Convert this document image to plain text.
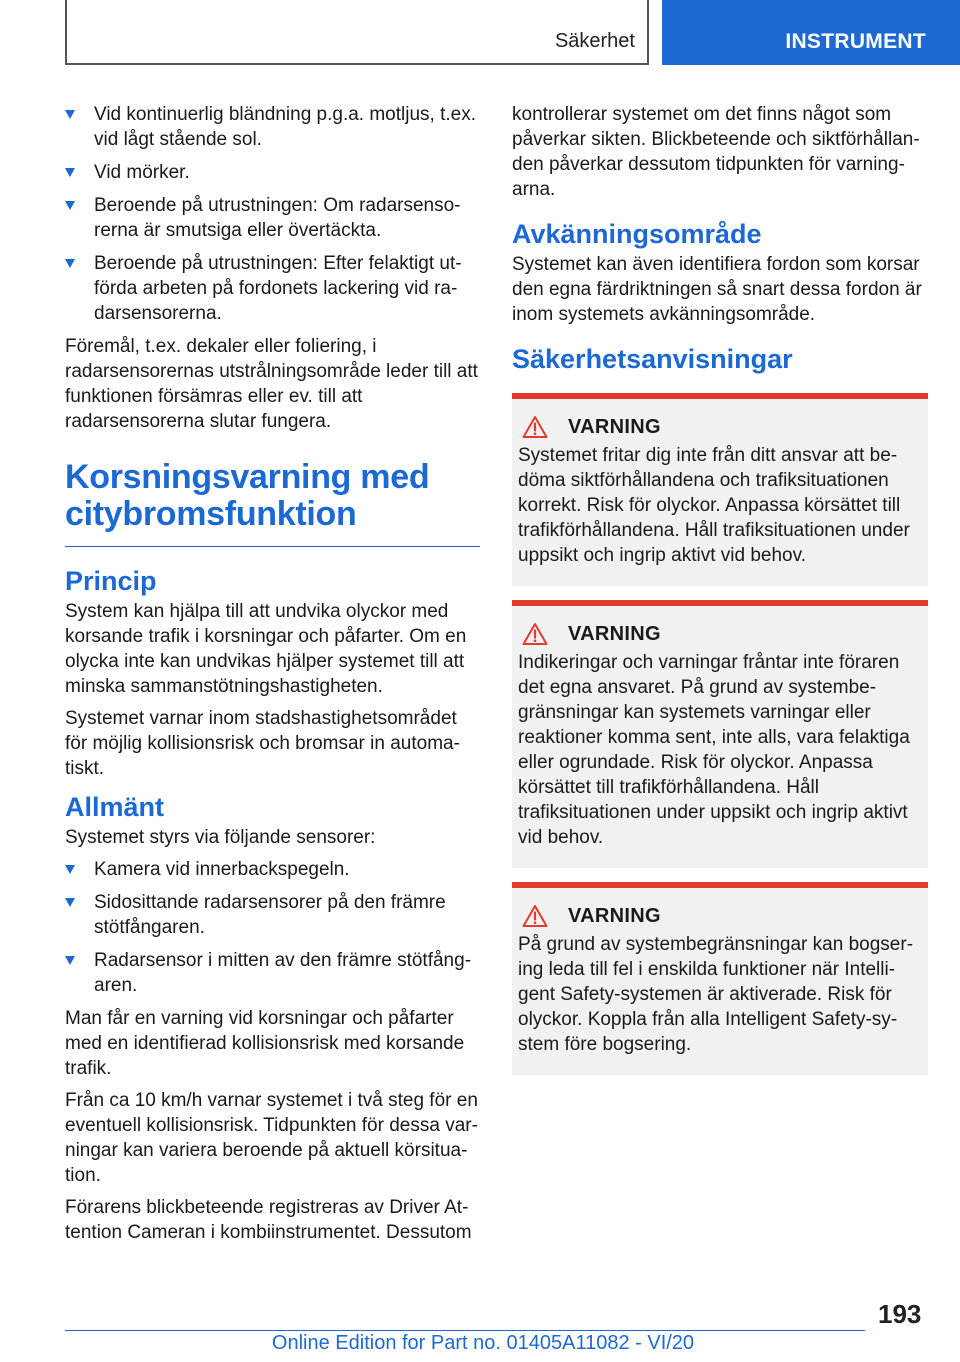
Säkerhet	INSTRUMENT
Vid kontinuerlig bländning p.g.a. motljus, t.ex. vid lågt stående sol.
Vid mörker.
Beroende på utrustningen: Om radarsensorerna är smutsiga eller övertäckta.
Beroende på utrustningen: Efter felaktigt utförda arbeten på fordonets lackering vid radarsensorerna.

Föremål, t.ex. dekaler eller foliering, i radarsensorernas utstrålningsområde leder till att funktionen försämras eller ev. till att radarsensorerna slutar fungera.

Korsningsvarning med citybromsfunktion
Princip

System kan hjälpa till att undvika olyckor med korsande trafik i korsningar och påfarter. Om en olycka inte kan undvikas hjälper systemet till att minska sammanstötningshastigheten.

Systemet varnar inom stadshastighetsområdet för möjlig kollisionsrisk och bromsar in automatiskt.

Allmänt

Systemet styrs via följande sensorer:

Kamera vid innerbackspegeln.
Sidosittande radarsensorer på den främre stötfångaren.
Radarsensor i mitten av den främre stötfångaren.

Man får en varning vid korsningar och påfarter med en identifierad kollisionsrisk med korsande trafik.

Från ca 10 km/h varnar systemet i två steg för en eventuell kollisionsrisk. Tidpunkten för dessa varningar kan variera beroende på aktuell körsituation.

Förarens blickbeteende registreras av Driver Attention Cameran i kombiinstrumentet. Dessutom

kontrollerar systemet om det finns något som påverkar sikten. Blickbeteende och siktförhållanden påverkar dessutom tidpunkten för varningarna.

Avkänningsområde

Systemet kan även identifiera fordon som korsar den egna färdriktningen så snart dessa fordon är inom systemets avkänningsområde.

Säkerhetsanvisningar
VARNING

Systemet fritar dig inte från ditt ansvar att bedöma siktförhållandena och trafiksituationen korrekt. Risk för olyckor. Anpassa körsättet till trafikförhållandena. Håll trafiksituationen under uppsikt och ingrip aktivt vid behov.

VARNING

Indikeringar och varningar fråntar inte föraren det egna ansvaret. På grund av systembegränsningar kan systemets varningar eller reaktioner komma sent, inte alls, vara felaktiga eller ogrundade. Risk för olyckor. Anpassa körsättet till trafikförhållandena. Håll trafiksituationen under uppsikt och ingrip aktivt vid behov.

VARNING

På grund av systembegränsningar kan bogsering leda till fel i enskilda funktioner när Intelligent Safety-systemen är aktiverade. Risk för olyckor. Koppla från alla Intelligent Safety-system före bogsering.

193
Online Edition for Part no. 01405A11082 - VI/20
